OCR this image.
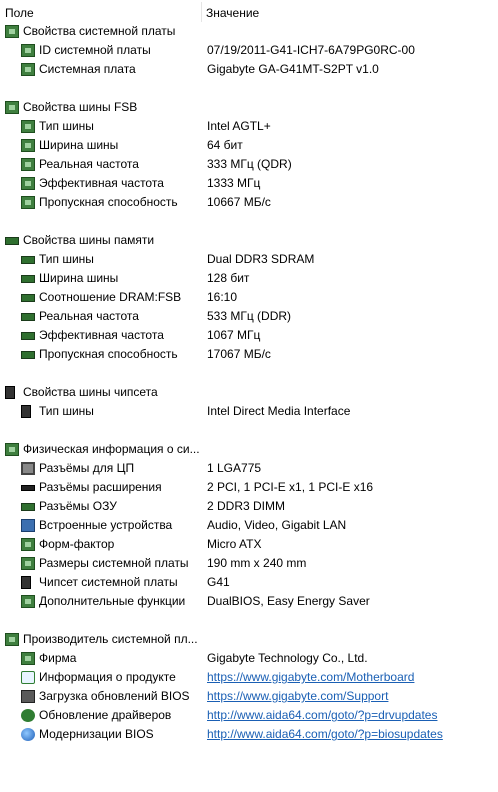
Поле	Значение
Свойства системной платы
ID системной платы	07/19/2011-G41-ICH7-6A79PG0RC-00
Системная плата	Gigabyte GA-G41MT-S2PT v1.0
Свойства шины FSB
Тип шины	Intel AGTL+
Ширина шины	64 бит
Реальная частота	333 МГц (QDR)
Эффективная частота	1333 МГц
Пропускная способность	10667 МБ/с
Свойства шины памяти
Тип шины	Dual DDR3 SDRAM
Ширина шины	128 бит
Соотношение DRAM:FSB	16:10
Реальная частота	533 МГц (DDR)
Эффективная частота	1067 МГц
Пропускная способность	17067 МБ/с
Свойства шины чипсета
Тип шины	Intel Direct Media Interface
Физическая информация о си...
Разъёмы для ЦП	1 LGA775
Разъёмы расширения	2 PCI, 1 PCI-E x1, 1 PCI-E x16
Разъёмы ОЗУ	2 DDR3 DIMM
Встроенные устройства	Audio, Video, Gigabit LAN
Форм-фактор	Micro ATX
Размеры системной платы	190 mm x 240 mm
Чипсет системной платы	G41
Дополнительные функции	DualBIOS, Easy Energy Saver
Производитель системной пл...
Фирма	Gigabyte Technology Co., Ltd.
Информация о продукте	https://www.gigabyte.com/Motherboard
Загрузка обновлений BIOS	https://www.gigabyte.com/Support
Обновление драйверов	http://www.aida64.com/goto/?p=drvupdates
Модернизации BIOS	http://www.aida64.com/goto/?p=biosupdates
